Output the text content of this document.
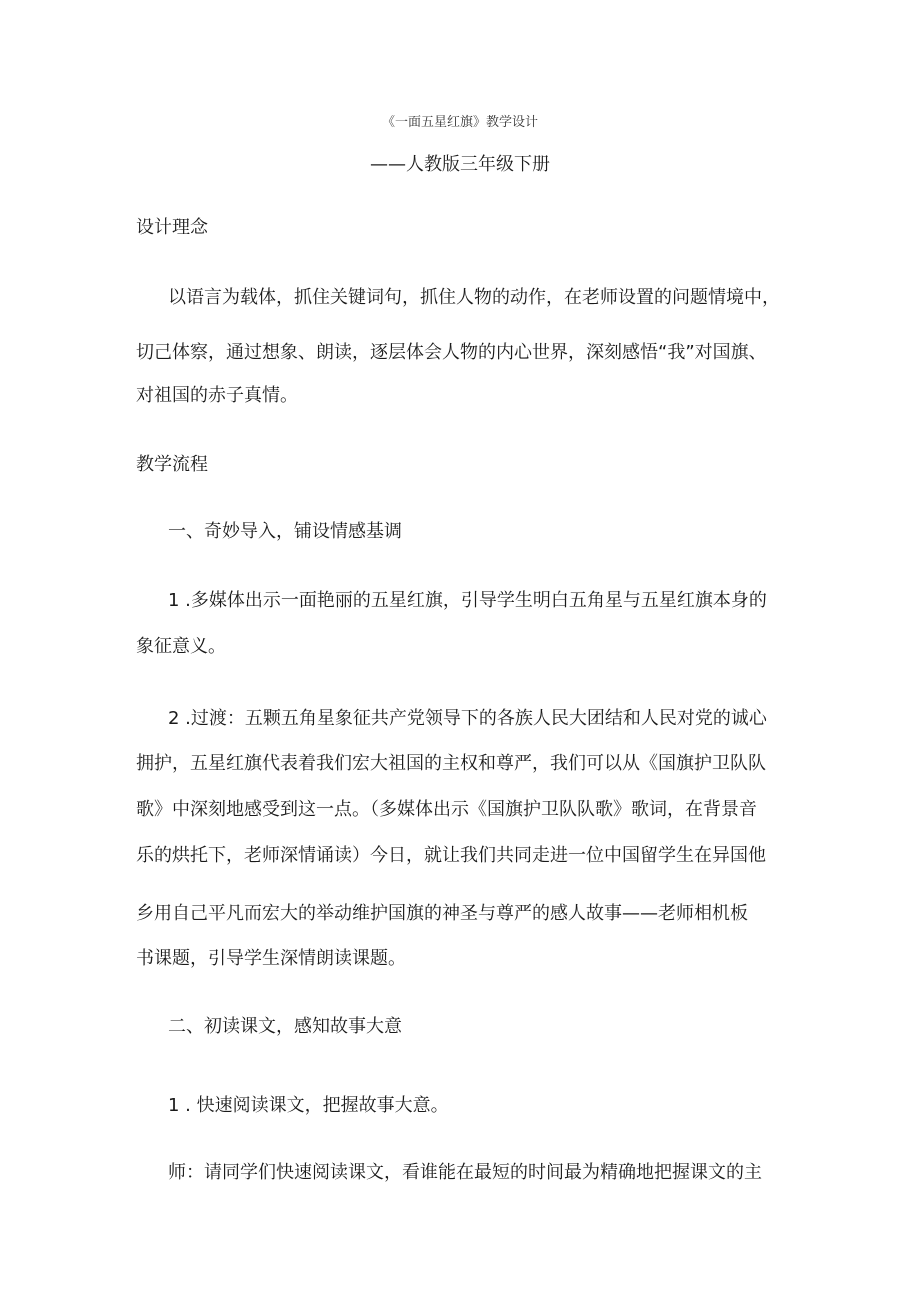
《一面五星红旗》教学设计
——人教版三年级下册
设计理念
以语言为载体，抓住关键词句，抓住人物的动作，在老师设置的问题情境中，
切己体察，通过想象、朗读，逐层体会人物的内心世界，深刻感悟“我”对国旗、
对祖国的赤子真情。
教学流程
一、奇妙导入，铺设情感基调
1 .多媒体出示一面艳丽的五星红旗，引导学生明白五角星与五星红旗本身的
象征意义。
2 .过渡：五颗五角星象征共产党领导下的各族人民大团结和人民对党的诚心
拥护，五星红旗代表着我们宏大祖国的主权和尊严，我们可以从《国旗护卫队队
歌》中深刻地感受到这一点。（多媒体出示《国旗护卫队队歌》歌词，在背景音
乐的烘托下，老师深情诵读）今日，就让我们共同走进一位中国留学生在异国他
乡用自己平凡而宏大的举动维护国旗的神圣与尊严的感人故事——老师相机板
书课题，引导学生深情朗读课题。
二、初读课文，感知故事大意
1 . 快速阅读课文，把握故事大意。
师：请同学们快速阅读课文，看谁能在最短的时间最为精确地把握课文的主
